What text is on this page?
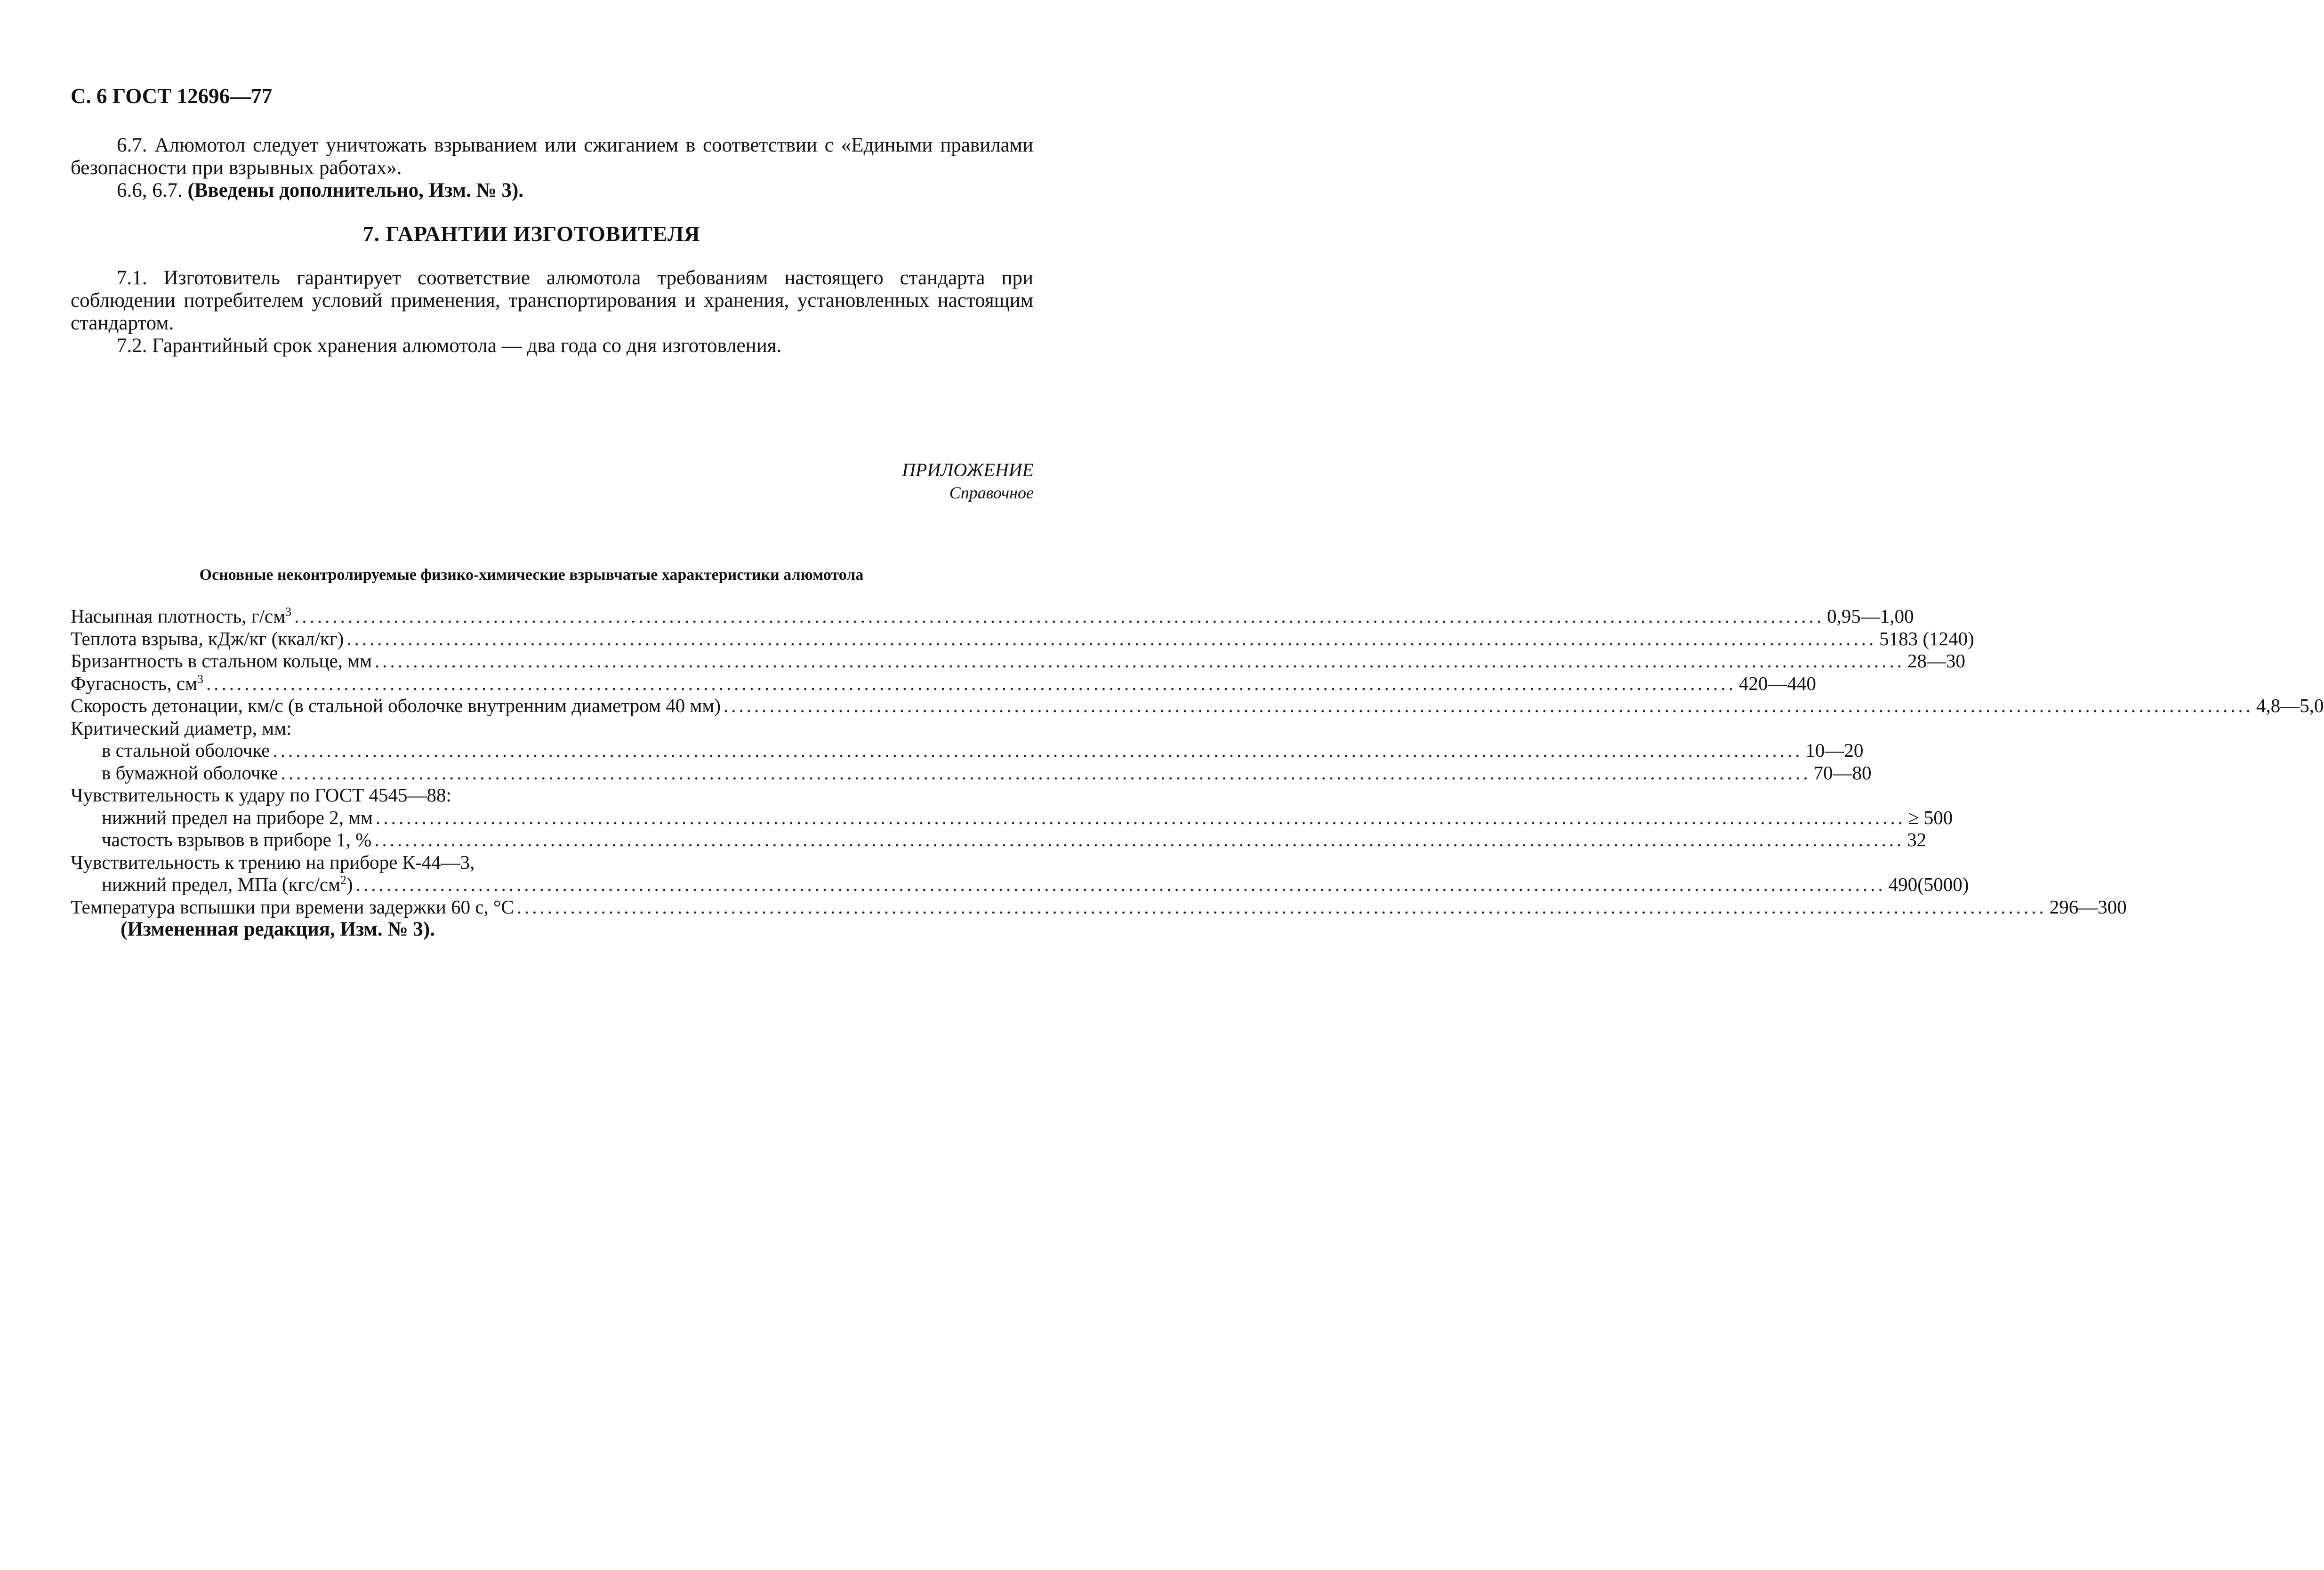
С. 6 ГОСТ 12696—77

6.7. Алюмотол следует уничтожать взрыванием или сжиганием в соответствии с «Едиными правилами безопасности при взрывных работах».

6.6, 6.7. (Введены дополнительно, Изм. № 3).

7. ГАРАНТИИ ИЗГОТОВИТЕЛЯ

7.1. Изготовитель гарантирует соответствие алюмотола требованиям настоящего стандарта при соблюдении потребителем условий применения, транспортирования и хранения, установленных настоящим стандартом.

7.2. Гарантийный срок хранения алюмотола — два года со дня изготовления.

ПРИЛОЖЕНИЕ
Справочное
Основные неконтролируемые физико-химические взрывчатые характеристики алюмотола
Насыпная плотность, $г/см^3$ ........................................................................................................................................................................................................ 0,95—1,00
Теплота взрыва, кДж/кг (ккал/кг) ........................................................................................................................................................................................................ 5183 (1240)
Бризантность в стальном кольце, мм ........................................................................................................................................................................................................ 28—30
Фугасность, $см^3$ ........................................................................................................................................................................................................ 420—440
Скорость детонации, км/с (в стальной оболочке внутренним диаметром 40 мм) ........................................................................................................................................................................................................ 4,8—5,0
Критический диаметр, мм:
в стальной оболочке ........................................................................................................................................................................................................ 10—20
в бумажной оболочке ........................................................................................................................................................................................................ 70—80
Чувствительность к удару по ГОСТ 4545—88:
нижний предел на приборе 2, мм ........................................................................................................................................................................................................ ≥ 500
частость взрывов в приборе 1, % ........................................................................................................................................................................................................ 32
Чувствительность к трению на приборе К-44—3,
нижний предел, МПа $(кгс/см^2)$ ........................................................................................................................................................................................................ 490(5000)
Температура вспышки при времени задержки 60 с, °С ........................................................................................................................................................................................................ 296—300
(Измененная редакция, Изм. № 3).
